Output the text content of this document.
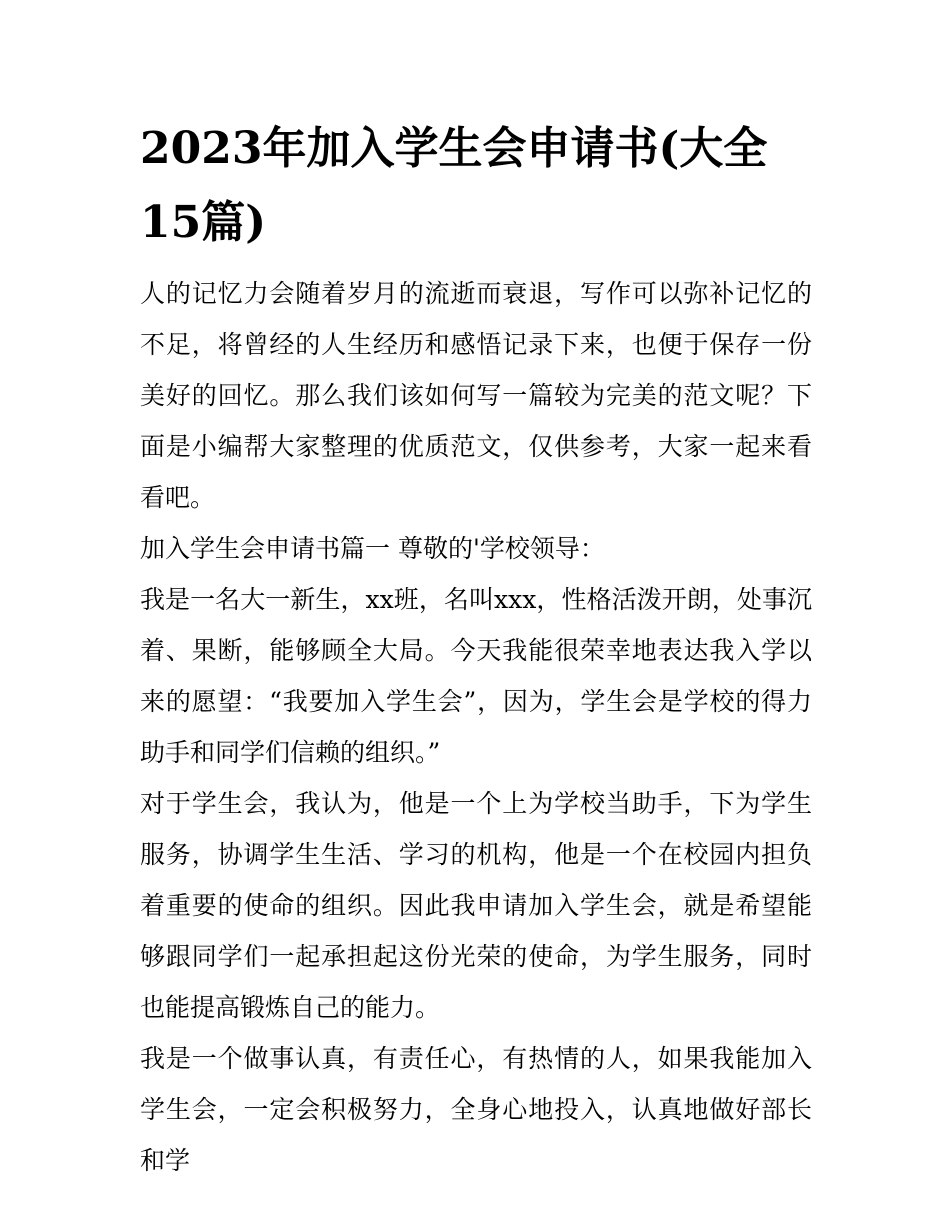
2023年加入学生会申请书(大全15篇)

人的记忆力会随着岁月的流逝而衰退，写作可以弥补记忆的不足，将曾经的人生经历和感悟记录下来，也便于保存一份美好的回忆。那么我们该如何写一篇较为完美的范文呢？下面是小编帮大家整理的优质范文，仅供参考，大家一起来看看吧。

加入学生会申请书篇一 尊敬的'学校领导：

我是一名大一新生，xx班，名叫xxx，性格活泼开朗，处事沉着、果断，能够顾全大局。今天我能很荣幸地表达我入学以来的愿望：“我要加入学生会”，因为，学生会是学校的得力助手和同学们信赖的组织。”

对于学生会，我认为，他是一个上为学校当助手，下为学生服务，协调学生生活、学习的机构，他是一个在校园内担负着重要的使命的组织。因此我申请加入学生会，就是希望能够跟同学们一起承担起这份光荣的使命，为学生服务，同时也能提高锻炼自己的能力。

我是一个做事认真，有责任心，有热情的人，如果我能加入学生会，一定会积极努力，全身心地投入，认真地做好部长和学
